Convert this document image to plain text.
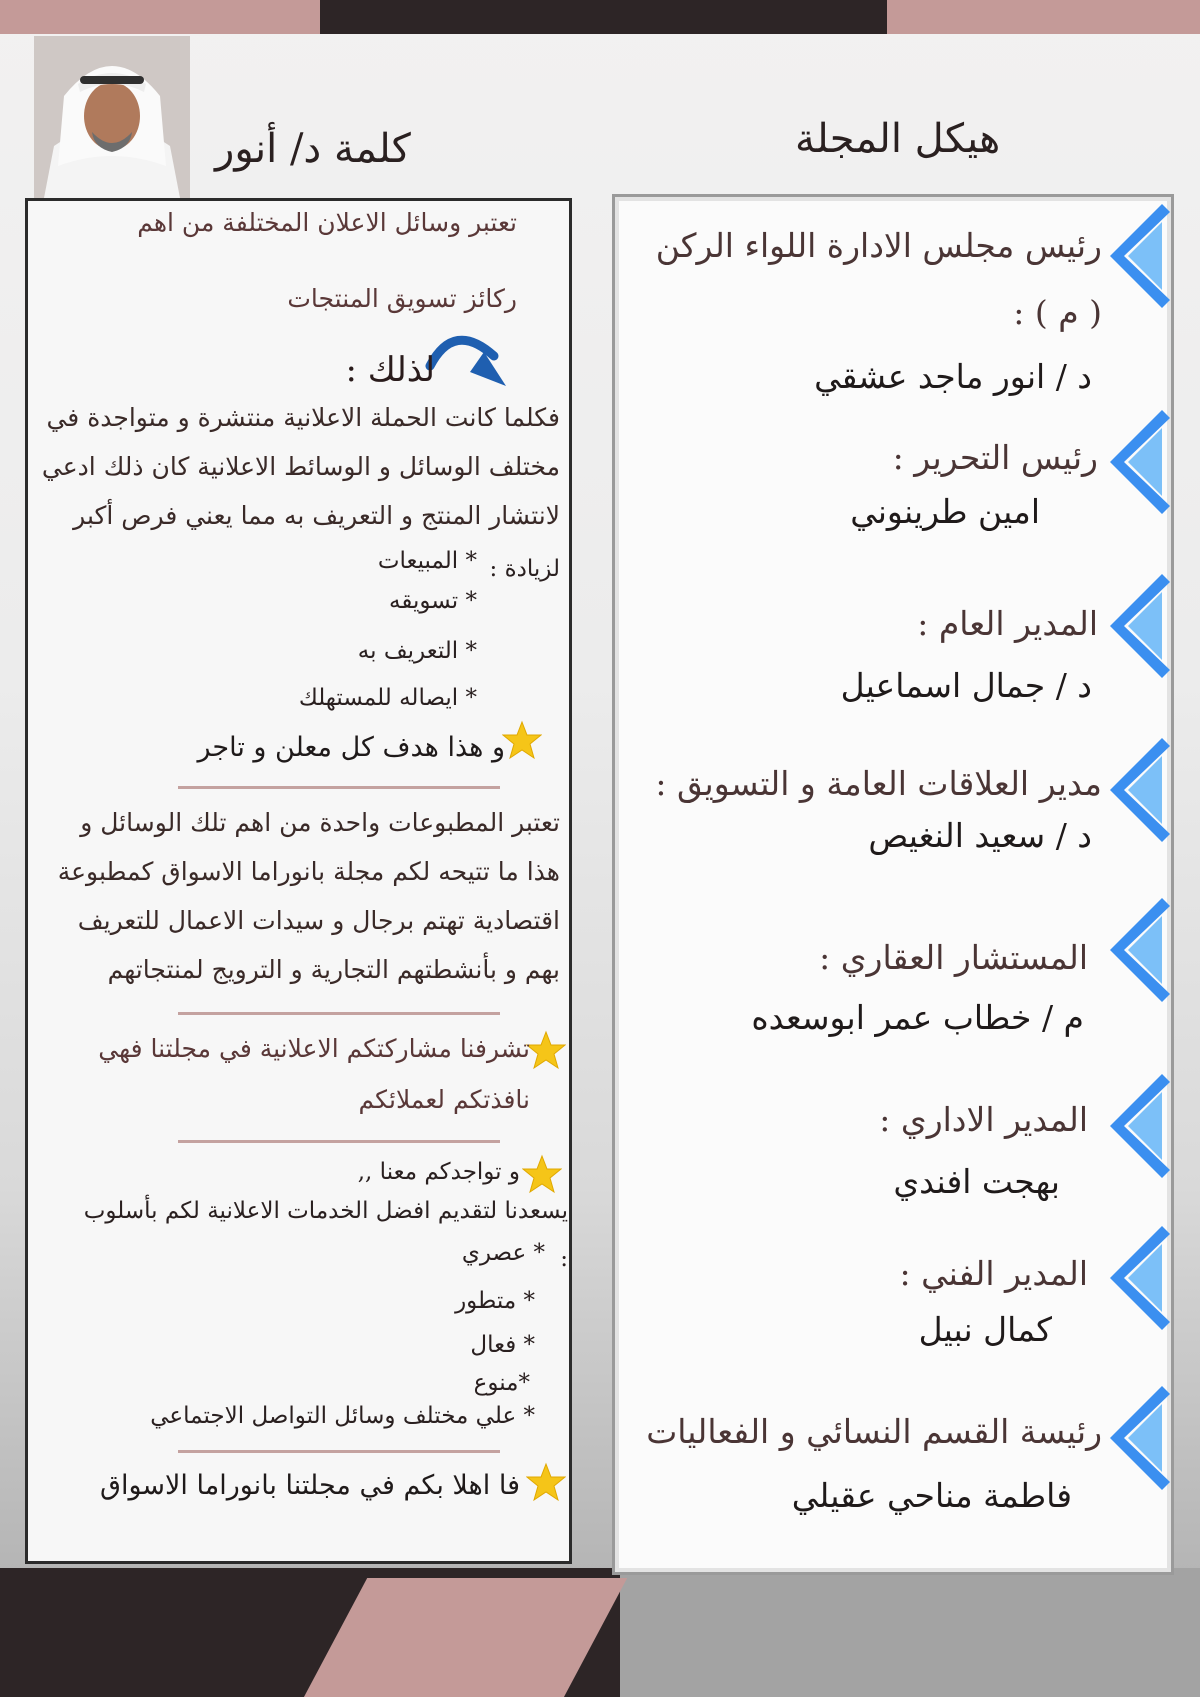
كلمة د/ أنور	هيكل المجلة
تعتبر وسائل الاعلان المختلفة من اهم
ركائز تسويق المنتجات
لذلك :
فكلما كانت الحملة الاعلانية منتشرة و متواجدة في
مختلف الوسائل و الوسائط الاعلانية كان ذلك ادعي
لانتشار المنتج و التعريف به مما يعني فرص أكبر
لزيادة :
* المبيعات
* تسويقه
* التعريف به
* ايصاله للمستهلك
و هذا هدف كل معلن و تاجر
تعتبر المطبوعات واحدة من اهم تلك الوسائل و
هذا ما تتيحه لكم مجلة بانوراما الاسواق كمطبوعة
اقتصادية تهتم برجال و سيدات الاعمال للتعريف
بهم و بأنشطتهم التجارية و الترويج لمنتجاتهم
تشرفنا مشاركتكم الاعلانية في مجلتنا فهي
نافذتكم لعملائكم
و تواجدكم معنا ,,
يسعدنا لتقديم افضل الخدمات الاعلانية لكم بأسلوب
:
* عصري
* متطور
* فعال
*منوع
* علي مختلف وسائل التواصل الاجتماعي
فا اهلا بكم في مجلتنا بانوراما الاسواق
رئيس مجلس الادارة اللواء الركن
( م ) :
د / انور ماجد عشقي
رئيس التحرير :
امين طرينوني
المدير العام :
د / جمال اسماعيل
مدير العلاقات العامة و التسويق :
د / سعيد النغيص
المستشار العقاري :
م / خطاب عمر ابوسعده
المدير الاداري :
بهجت افندي
المدير الفني :
كمال نبيل
رئيسة القسم النسائي و الفعاليات
فاطمة مناحي عقيلي
